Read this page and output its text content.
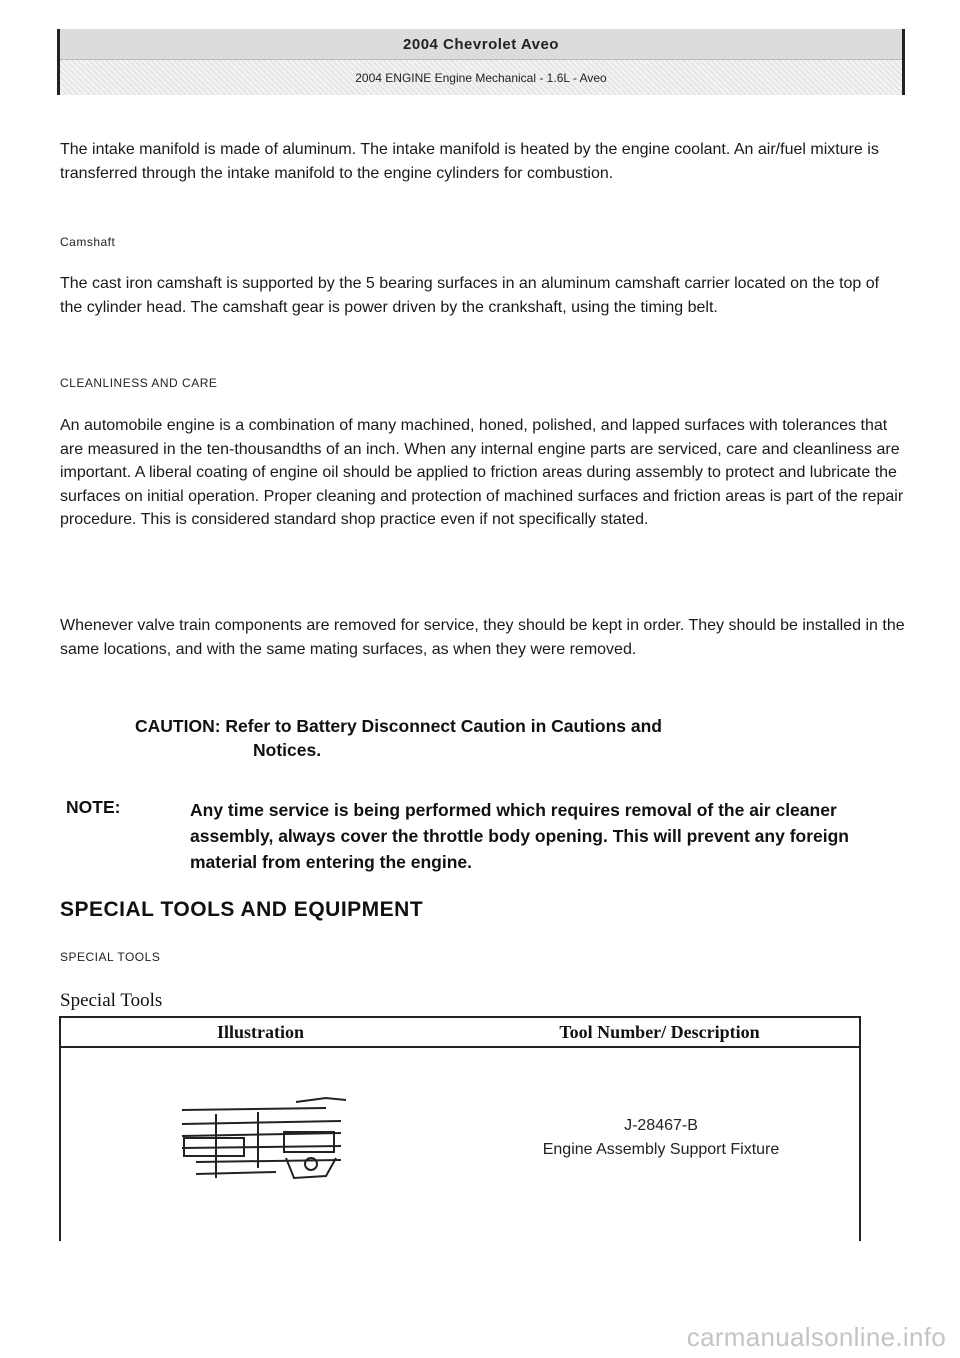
2004 Chevrolet Aveo
2004 ENGINE Engine Mechanical - 1.6L - Aveo

The intake manifold is made of aluminum. The intake manifold is heated by the engine coolant. An air/fuel mixture is transferred through the intake manifold to the engine cylinders for combustion.

Camshaft

The cast iron camshaft is supported by the 5 bearing surfaces in an aluminum camshaft carrier located on the top of the cylinder head. The camshaft gear is power driven by the crankshaft, using the timing belt.

CLEANLINESS AND CARE

An automobile engine is a combination of many machined, honed, polished, and lapped surfaces with tolerances that are measured in the ten-thousandths of an inch. When any internal engine parts are serviced, care and cleanliness are important. A liberal coating of engine oil should be applied to friction areas during assembly to protect and lubricate the surfaces on initial operation. Proper cleaning and protection of machined surfaces and friction areas is part of the repair procedure. This is considered standard shop practice even if not specifically stated.

Whenever valve train components are removed for service, they should be kept in order. They should be installed in the same locations, and with the same mating surfaces, as when they were removed.

CAUTION: Refer to Battery Disconnect Caution in Cautions and
Notices.

NOTE:	Any time service is being performed which requires removal of the air cleaner assembly, always cover the throttle body opening. This will prevent any foreign material from entering the engine.

SPECIAL TOOLS AND EQUIPMENT

SPECIAL TOOLS

Special Tools
Illustration	Tool Number/ Description
J-28467-B
Engine Assembly Support Fixture
carmanualsonline.info
